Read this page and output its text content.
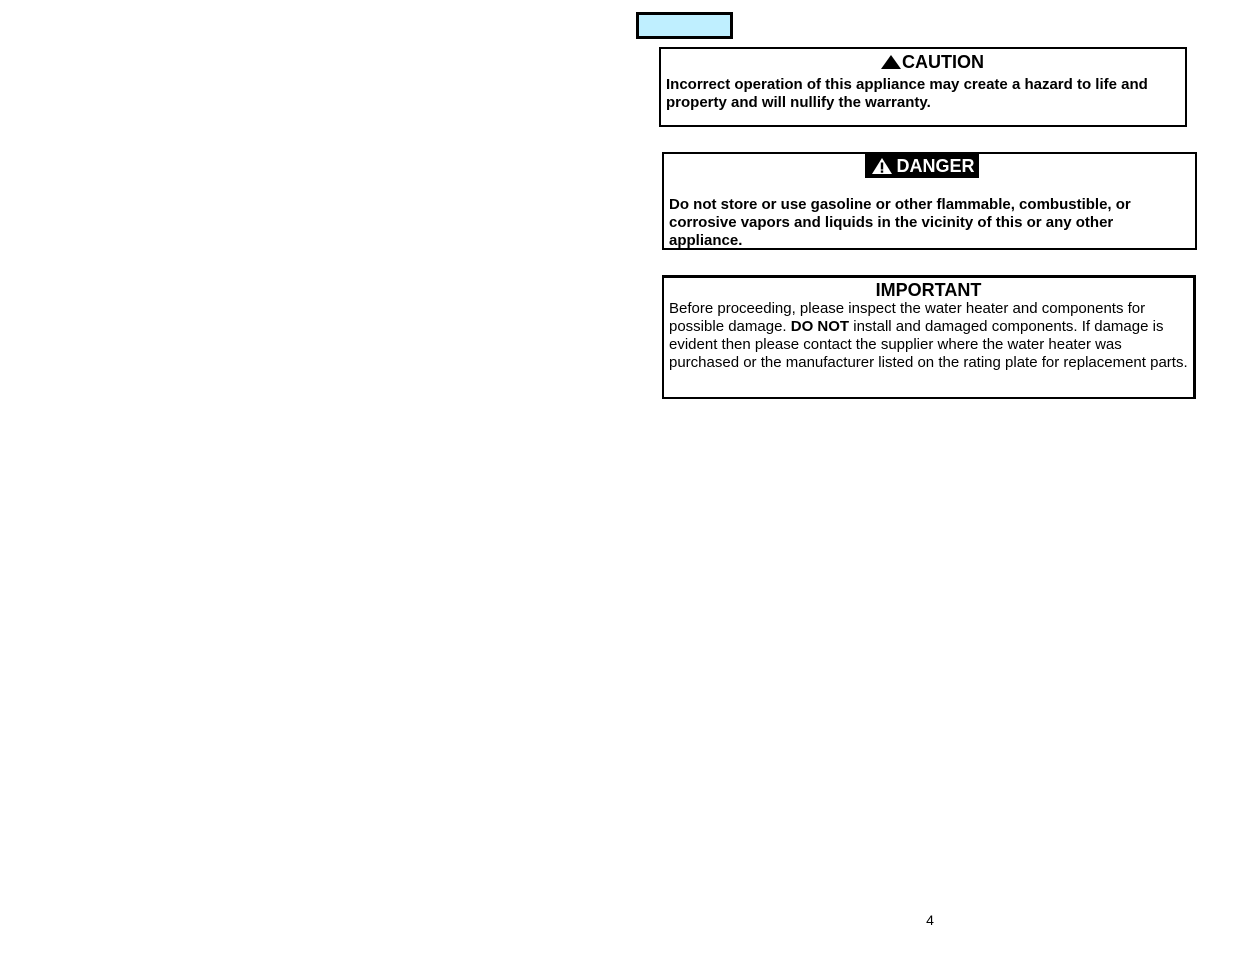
CAUTION
Incorrect operation of this appliance may create a hazard to life and property and will nullify the warranty.
DANGER
Do not store or use gasoline or other flammable, combustible, or corrosive vapors and liquids in the vicinity of this or any other appliance.
IMPORTANT
Before proceeding, please inspect the water heater and components for possible damage. DO NOT install and damaged components. If damage is evident then please contact the supplier where the water heater was purchased or the manufacturer listed on the rating plate for replacement parts.
4
